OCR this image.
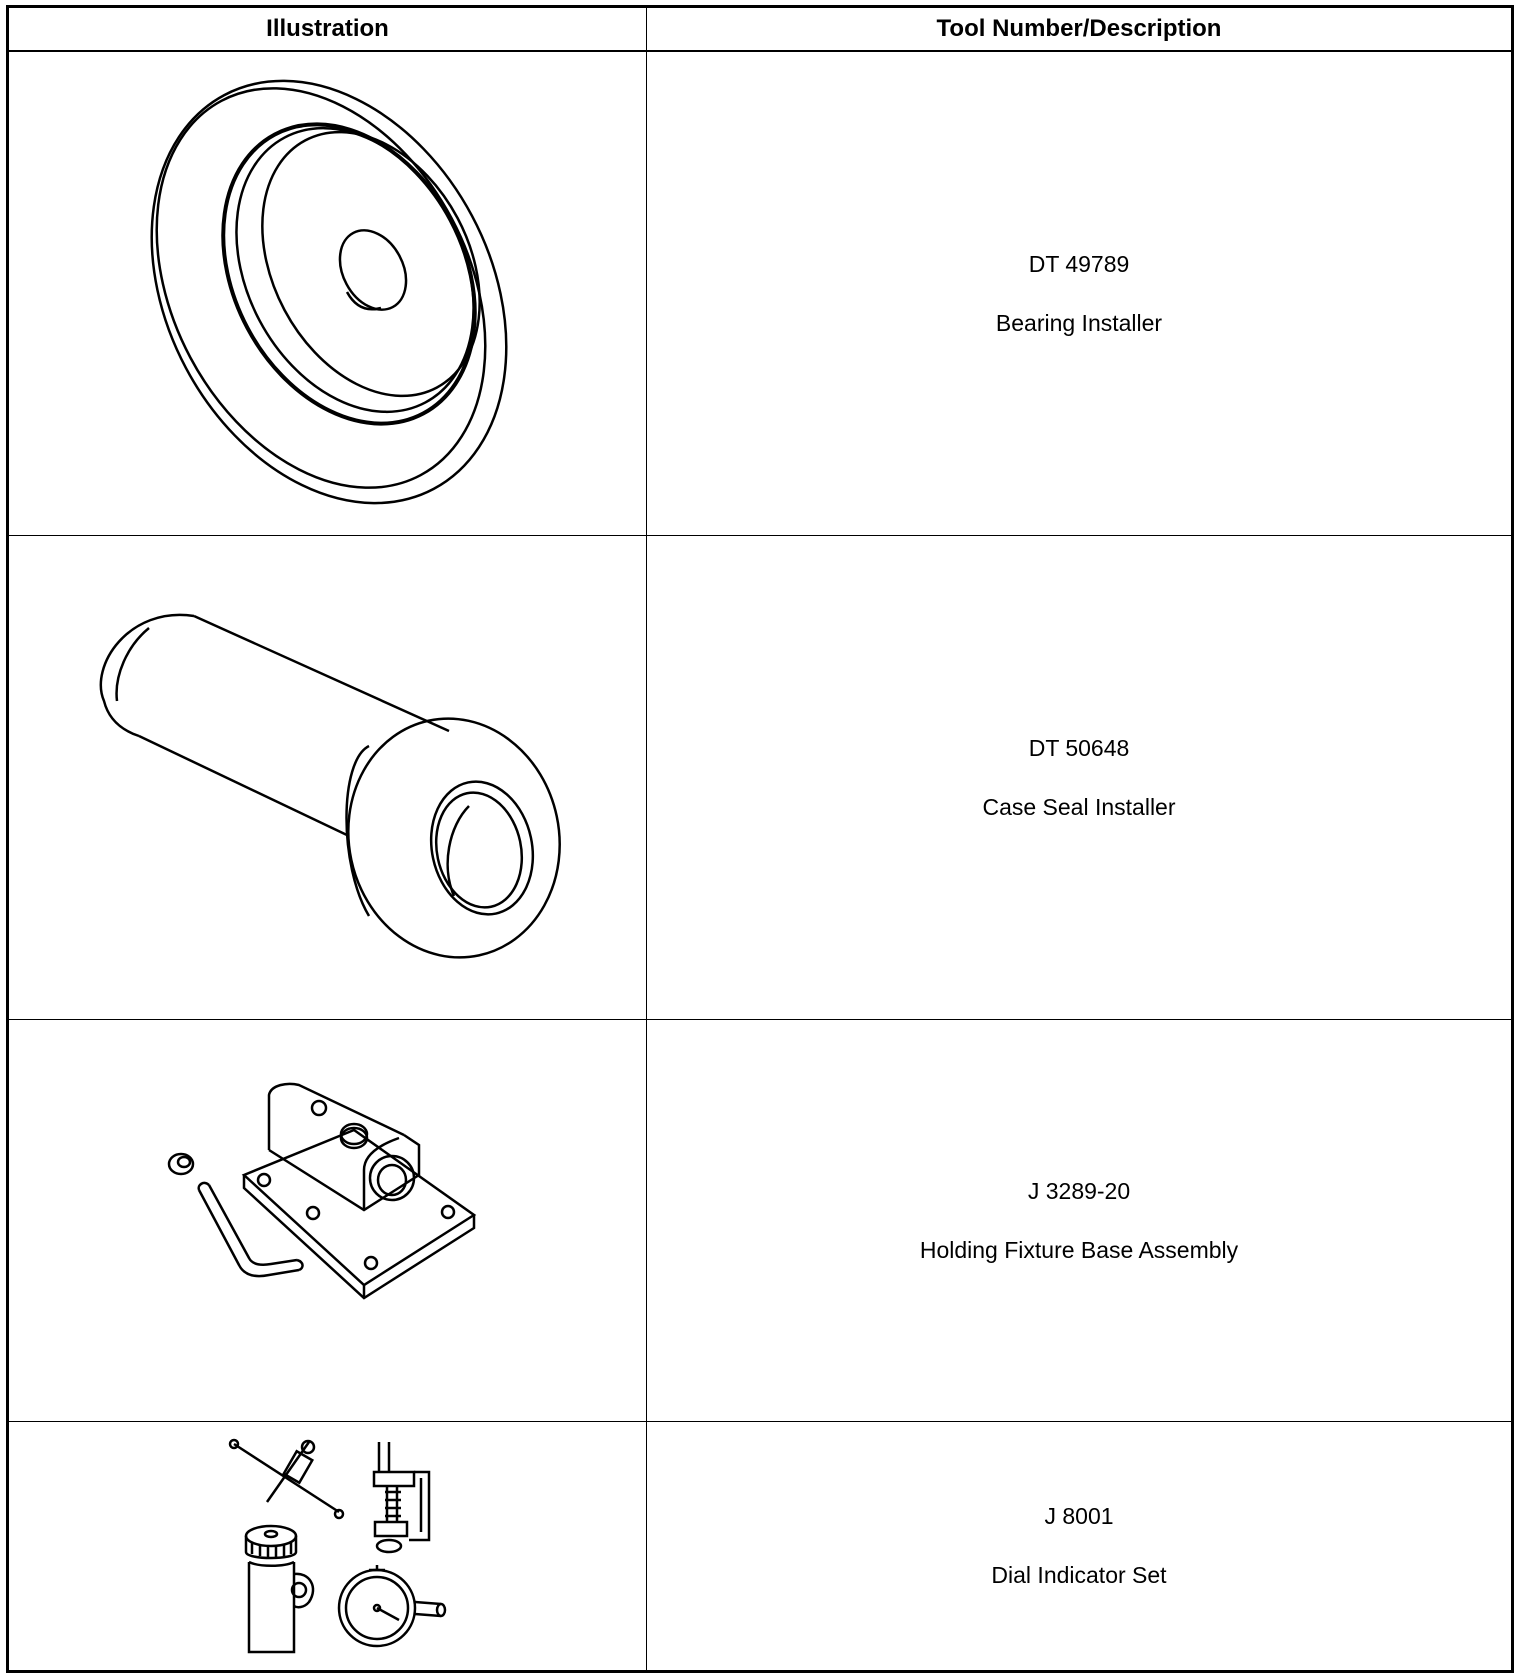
Illustration	Tool Number/Description
DT 49789
Bearing Installer
DT 50648
Case Seal Installer
J 3289-20
Holding Fixture Base Assembly
J 8001
Dial Indicator Set
